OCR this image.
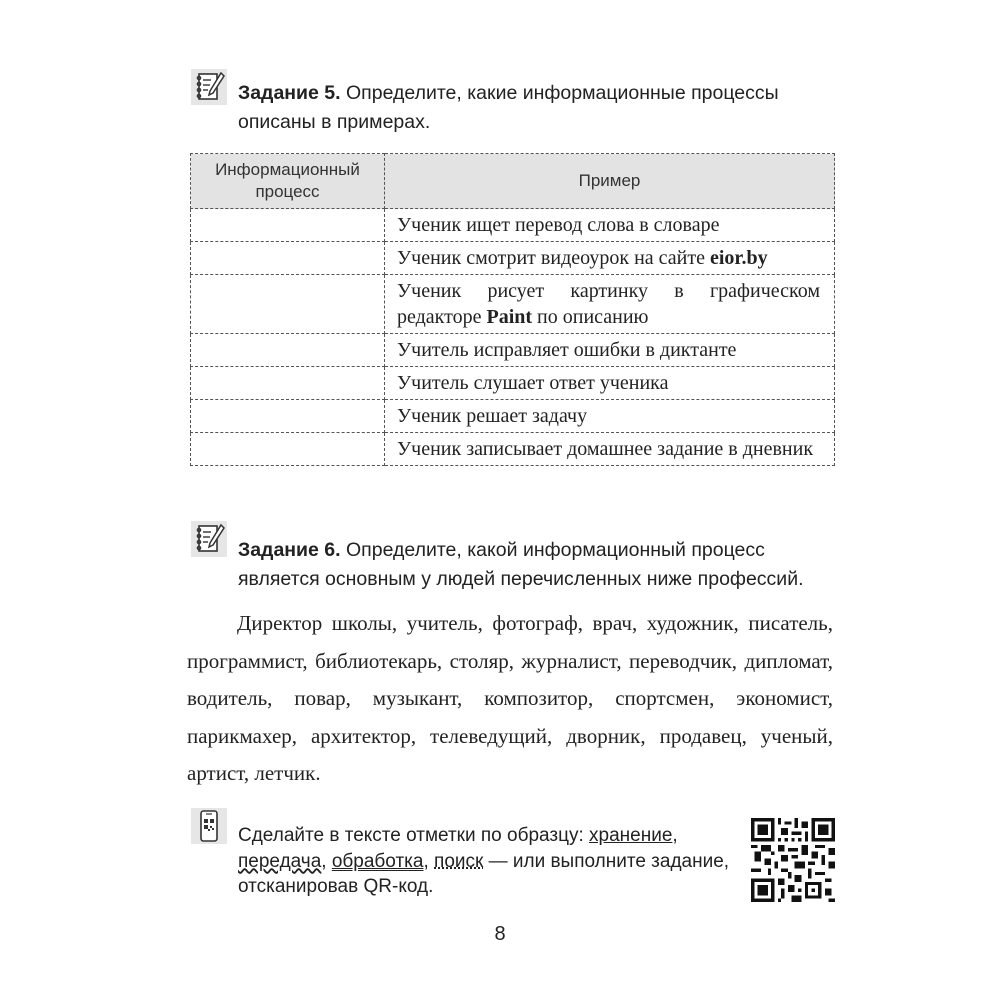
Задание 5. Определите, какие информационные процессы описаны в примерах.
Информационный процесс	Пример
	Ученик ищет перевод слова в словаре
	Ученик смотрит видеоурок на сайте eior.by
	Ученик рисует картинку в графическом редакторе Paint по описанию
	Учитель исправляет ошибки в диктанте
	Учитель слушает ответ ученика
	Ученик решает задачу
	Ученик записывает домашнее задание в дневник
Задание 6. Определите, какой информационный процесс является основным у людей перечисленных ниже профессий.
Директор школы, учитель, фотограф, врач, художник, писатель, программист, библиотекарь, столяр, журналист, переводчик, дипломат, водитель, повар, музыкант, композитор, спортсмен, экономист, парикмахер, архитектор, телеведущий, дворник, продавец, ученый, артист, летчик.
Сделайте в тексте отметки по образцу: хранение, передача, обработка, поиск — или выполните задание, отсканировав QR-код.
8
